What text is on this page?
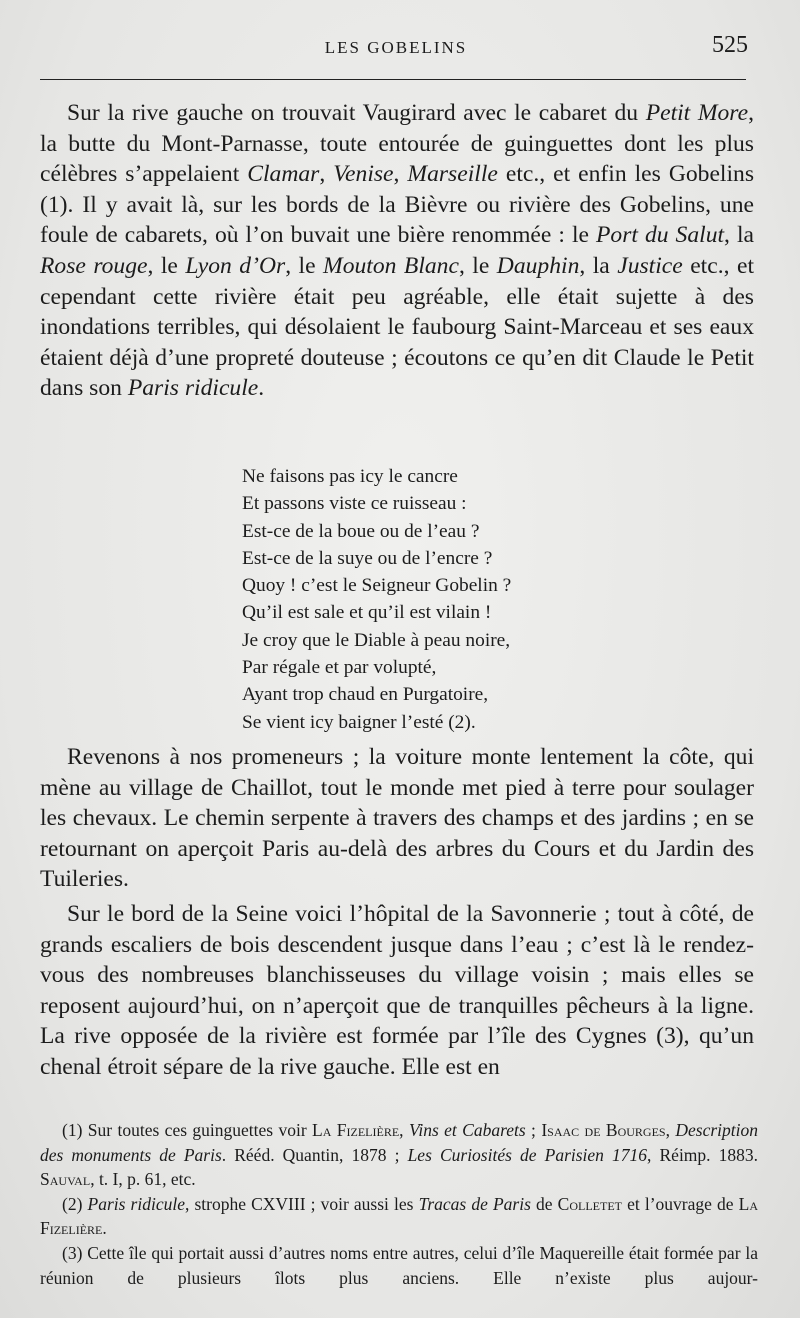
LES GOBELINS	525

Sur la rive gauche on trouvait Vaugirard avec le cabaret du Petit More, la butte du Mont-Parnasse, toute entourée de guinguettes dont les plus célèbres s’appelaient Clamar, Venise, Marseille etc., et enfin les Gobelins (1). Il y avait là, sur les bords de la Bièvre ou rivière des Gobelins, une foule de cabarets, où l’on buvait une bière renommée : le Port du Salut, la Rose rouge, le Lyon d’Or, le Mouton Blanc, le Dauphin, la Justice etc., et cependant cette rivière était peu agréable, elle était sujette à des inondations terribles, qui désolaient le faubourg Saint-Marceau et ses eaux étaient déjà d’une propreté douteuse ; écoutons ce qu’en dit Claude le Petit dans son Paris ridicule.

Ne faisons pas icy le cancre
Et passons viste ce ruisseau :
Est-ce de la boue ou de l’eau ?
Est-ce de la suye ou de l’encre ?
Quoy ! c’est le Seigneur Gobelin ?
Qu’il est sale et qu’il est vilain !
Je croy que le Diable à peau noire,
Par régale et par volupté,
Ayant trop chaud en Purgatoire,
Se vient icy baigner l’esté (2).

Revenons à nos promeneurs ; la voiture monte lentement la côte, qui mène au village de Chaillot, tout le monde met pied à terre pour soulager les chevaux. Le chemin serpente à travers des champs et des jardins ; en se retournant on aperçoit Paris au-delà des arbres du Cours et du Jardin des Tuileries.

Sur le bord de la Seine voici l’hôpital de la Savonnerie ; tout à côté, de grands escaliers de bois descendent jusque dans l’eau ; c’est là le rendez-vous des nombreuses blanchisseuses du village voisin ; mais elles se reposent aujourd’hui, on n’aperçoit que de tranquilles pêcheurs à la ligne. La rive opposée de la rivière est formée par l’île des Cygnes (3), qu’un chenal étroit sépare de la rive gauche. Elle est en

(1) Sur toutes ces guinguettes voir La Fizelière, Vins et Cabarets ; Isaac de Bourges, Description des monuments de Paris. Rééd. Quantin, 1878 ; Les Curiosités de Parisien 1716, Réimp. 1883. Sauval, t. I, p. 61, etc.

(2) Paris ridicule, strophe CXVIII ; voir aussi les Tracas de Paris de Colletet et l’ouvrage de La Fizelière.

(3) Cette île qui portait aussi d’autres noms entre autres, celui d’île Maquereille était formée par la réunion de plusieurs îlots plus anciens. Elle n’existe plus aujour-
